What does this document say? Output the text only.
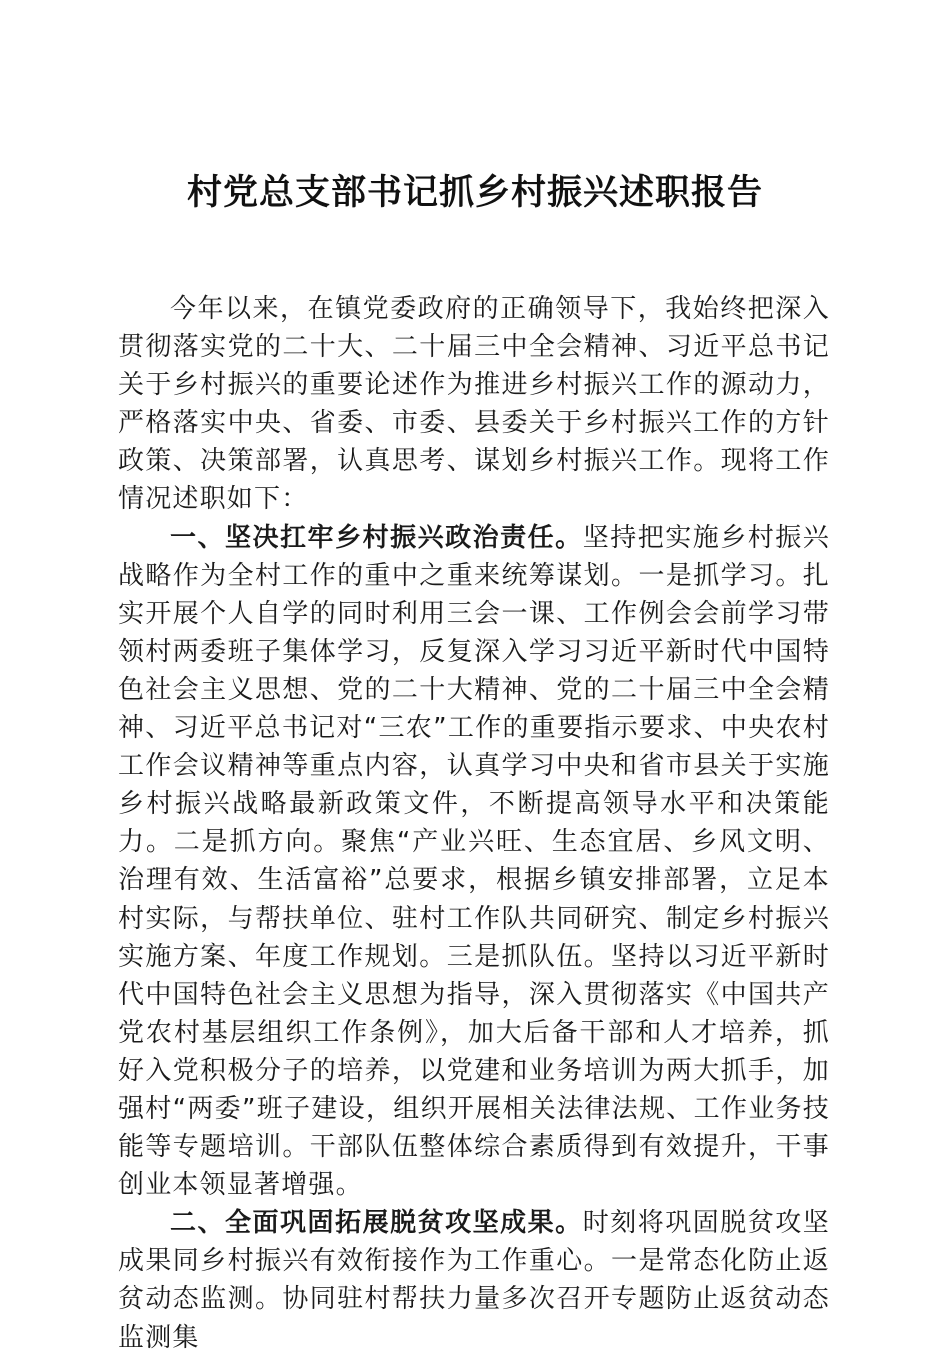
村党总支部书记抓乡村振兴述职报告

今年以来，在镇党委政府的正确领导下，我始终把深入贯彻落实党的二十大、二十届三中全会精神、习近平总书记关于乡村振兴的重要论述作为推进乡村振兴工作的源动力，严格落实中央、省委、市委、县委关于乡村振兴工作的方针政策、决策部署，认真思考、谋划乡村振兴工作。现将工作情况述职如下：

一、坚决扛牢乡村振兴政治责任。坚持把实施乡村振兴战略作为全村工作的重中之重来统筹谋划。一是抓学习。扎实开展个人自学的同时利用三会一课、工作例会会前学习带领村两委班子集体学习，反复深入学习习近平新时代中国特色社会主义思想、党的二十大精神、党的二十届三中全会精神、习近平总书记对“三农”工作的重要指示要求、中央农村工作会议精神等重点内容，认真学习中央和省市县关于实施乡村振兴战略最新政策文件，不断提高领导水平和决策能力。二是抓方向。聚焦“产业兴旺、生态宜居、乡风文明、治理有效、生活富裕”总要求，根据乡镇安排部署，立足本村实际，与帮扶单位、驻村工作队共同研究、制定乡村振兴实施方案、年度工作规划。三是抓队伍。坚持以习近平新时代中国特色社会主义思想为指导，深入贯彻落实《中国共产党农村基层组织工作条例》，加大后备干部和人才培养，抓好入党积极分子的培养，以党建和业务培训为两大抓手，加强村“两委”班子建设，组织开展相关法律法规、工作业务技能等专题培训。干部队伍整体综合素质得到有效提升，干事创业本领显著增强。

二、全面巩固拓展脱贫攻坚成果。时刻将巩固脱贫攻坚成果同乡村振兴有效衔接作为工作重心。一是常态化防止返贫动态监测。协同驻村帮扶力量多次召开专题防止返贫动态监测集
